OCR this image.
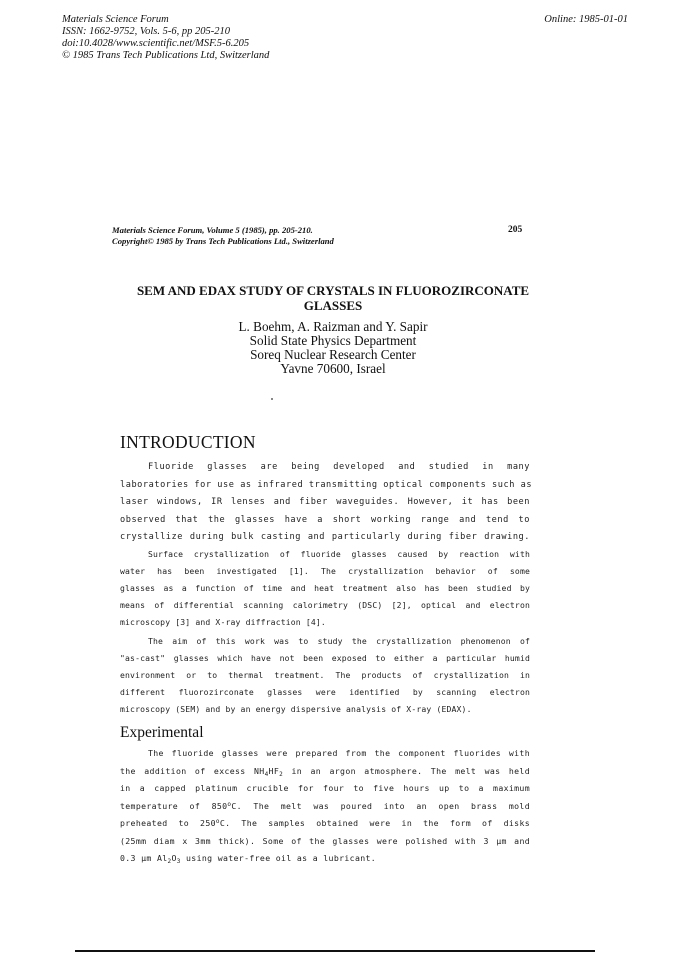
Materials Science Forum
ISSN: 1662-9752, Vols. 5-6, pp 205-210
doi:10.4028/www.scientific.net/MSF.5-6.205
© 1985 Trans Tech Publications Ltd, Switzerland
Online: 1985-01-01
Materials Science Forum, Volume 5 (1985), pp. 205-210.
Copyright© 1985 by Trans Tech Publications Ltd., Switzerland
205
SEM AND EDAX STUDY OF CRYSTALS IN FLUOROZIRCONATE
GLASSES
L. Boehm, A. Raizman and Y. Sapir
Solid State Physics Department
Soreq Nuclear Research Center
Yavne 70600, Israel
INTRODUCTION
Fluoride glasses are being developed and studied in many
laboratories for use as infrared transmitting optical components such as
laser windows, IR lenses and fiber waveguides. However, it has been
observed that the glasses have a short working range and tend to
crystallize during bulk casting and particularly during fiber drawing.
Surface crystallization of fluoride glasses caused by reaction with
water has been investigated [1]. The crystallization behavior of some
glasses as a function of time and heat treatment also has been studied by
means of differential scanning calorimetry (DSC) [2], optical and electron
microscopy [3] and X-ray diffraction [4].
The aim of this work was to study the crystallization phenomenon of
"as-cast" glasses which have not been exposed to either a particular humid
environment or to thermal treatment. The products of crystallization in
different fluorozirconate glasses were identified by scanning electron
microscopy (SEM) and by an energy dispersive analysis of X-ray (EDAX).
Experimental
The fluoride glasses were prepared from the component fluorides with
the addition of excess $NH_4HF_2$ in an argon atmosphere. The melt was held
in a capped platinum crucible for four to five hours up to a maximum
temperature of 850$^o$C. The melt was poured into an open brass mold
preheated to 250$^o$C. The samples obtained were in the form of disks
(25mm diam x 3mm thick). Some of the glasses were polished with 3 μm and
0.3 μm $Al_2O_3$ using water-free oil as a lubricant.
